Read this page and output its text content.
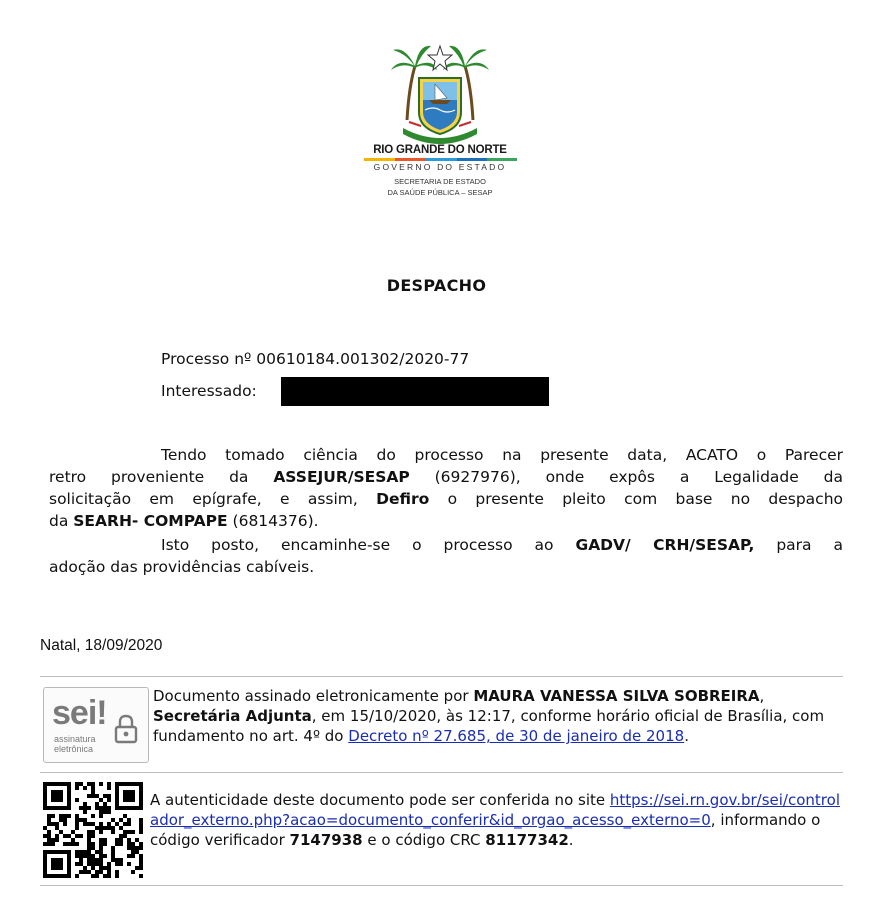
RIO GRANDE DO NORTE
GOVERNO DO ESTADO
SECRETARIA DE ESTADO
DA SAÚDE PÚBLICA – SESAP
DESPACHO
Processo nº 00610184.001302/2020-77
Interessado:
Tendo tomado ciência do processo na presente data, ACATO o Parecer
retro proveniente da ASSEJUR/SESAP (6927976), onde expôs a Legalidade da
solicitação em epígrafe, e assim, Defiro o presente pleito com base no despacho
da SEARH- COMPAPE (6814376).
Isto posto, encaminhe-se o processo ao GADV/ CRH/SESAP, para a
adoção das providências cabíveis.
Natal, 18/09/2020
sei!
assinatura
eletrônica
Documento assinado eletronicamente por MAURA VANESSA SILVA SOBREIRA, Secretária Adjunta, em 15/10/2020, às 12:17, conforme horário oficial de Brasília, com fundamento no art. 4º do Decreto nº 27.685, de 30 de janeiro de 2018.
A autenticidade deste documento pode ser conferida no site https://sei.rn.gov.br/sei/controlador_externo.php?acao=documento_conferir&id_orgao_acesso_externo=0, informando o código verificador 7147938 e o código CRC 81177342.
